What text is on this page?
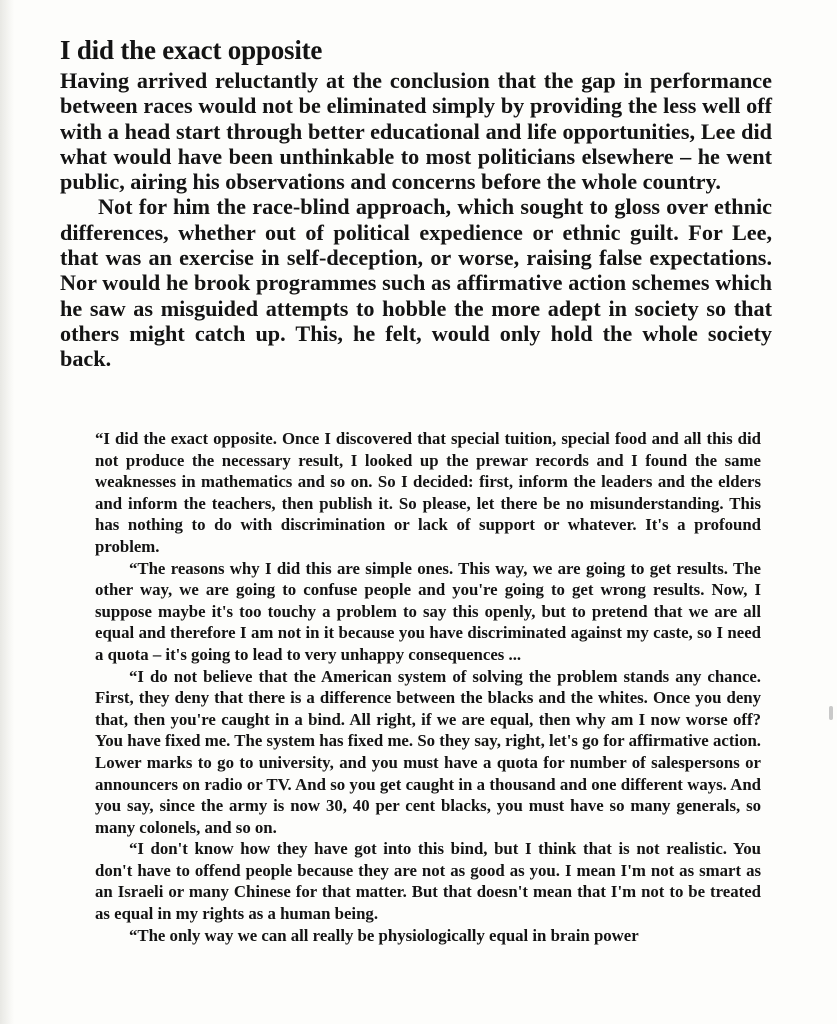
I did the exact opposite

Having arrived reluctantly at the conclusion that the gap in performance between races would not be eliminated simply by providing the less well off with a head start through better educational and life opportunities, Lee did what would have been unthinkable to most politicians elsewhere – he went public, airing his observations and concerns before the whole country.

Not for him the race-blind approach, which sought to gloss over ethnic differences, whether out of political expedience or ethnic guilt. For Lee, that was an exercise in self-deception, or worse, raising false expectations. Nor would he brook programmes such as affirmative action schemes which he saw as misguided attempts to hobble the more adept in society so that others might catch up. This, he felt, would only hold the whole society back.

“I did the exact opposite. Once I discovered that special tuition, special food and all this did not produce the necessary result, I looked up the prewar records and I found the same weaknesses in mathematics and so on. So I decided: first, inform the leaders and the elders and inform the teachers, then publish it. So please, let there be no misunderstanding. This has nothing to do with discrimination or lack of support or whatever. It's a profound problem.

“The reasons why I did this are simple ones. This way, we are going to get results. The other way, we are going to confuse people and you're going to get wrong results. Now, I suppose maybe it's too touchy a problem to say this openly, but to pretend that we are all equal and therefore I am not in it because you have discriminated against my caste, so I need a quota – it's going to lead to very unhappy consequences ...

“I do not believe that the American system of solving the problem stands any chance. First, they deny that there is a difference between the blacks and the whites. Once you deny that, then you're caught in a bind. All right, if we are equal, then why am I now worse off? You have fixed me. The system has fixed me. So they say, right, let's go for affirmative action. Lower marks to go to university, and you must have a quota for number of salespersons or announcers on radio or TV. And so you get caught in a thousand and one different ways. And you say, since the army is now 30, 40 per cent blacks, you must have so many generals, so many colonels, and so on.

“I don't know how they have got into this bind, but I think that is not realistic. You don't have to offend people because they are not as good as you. I mean I'm not as smart as an Israeli or many Chinese for that matter. But that doesn't mean that I'm not to be treated as equal in my rights as a human being.

“The only way we can all really be physiologically equal in brain power
